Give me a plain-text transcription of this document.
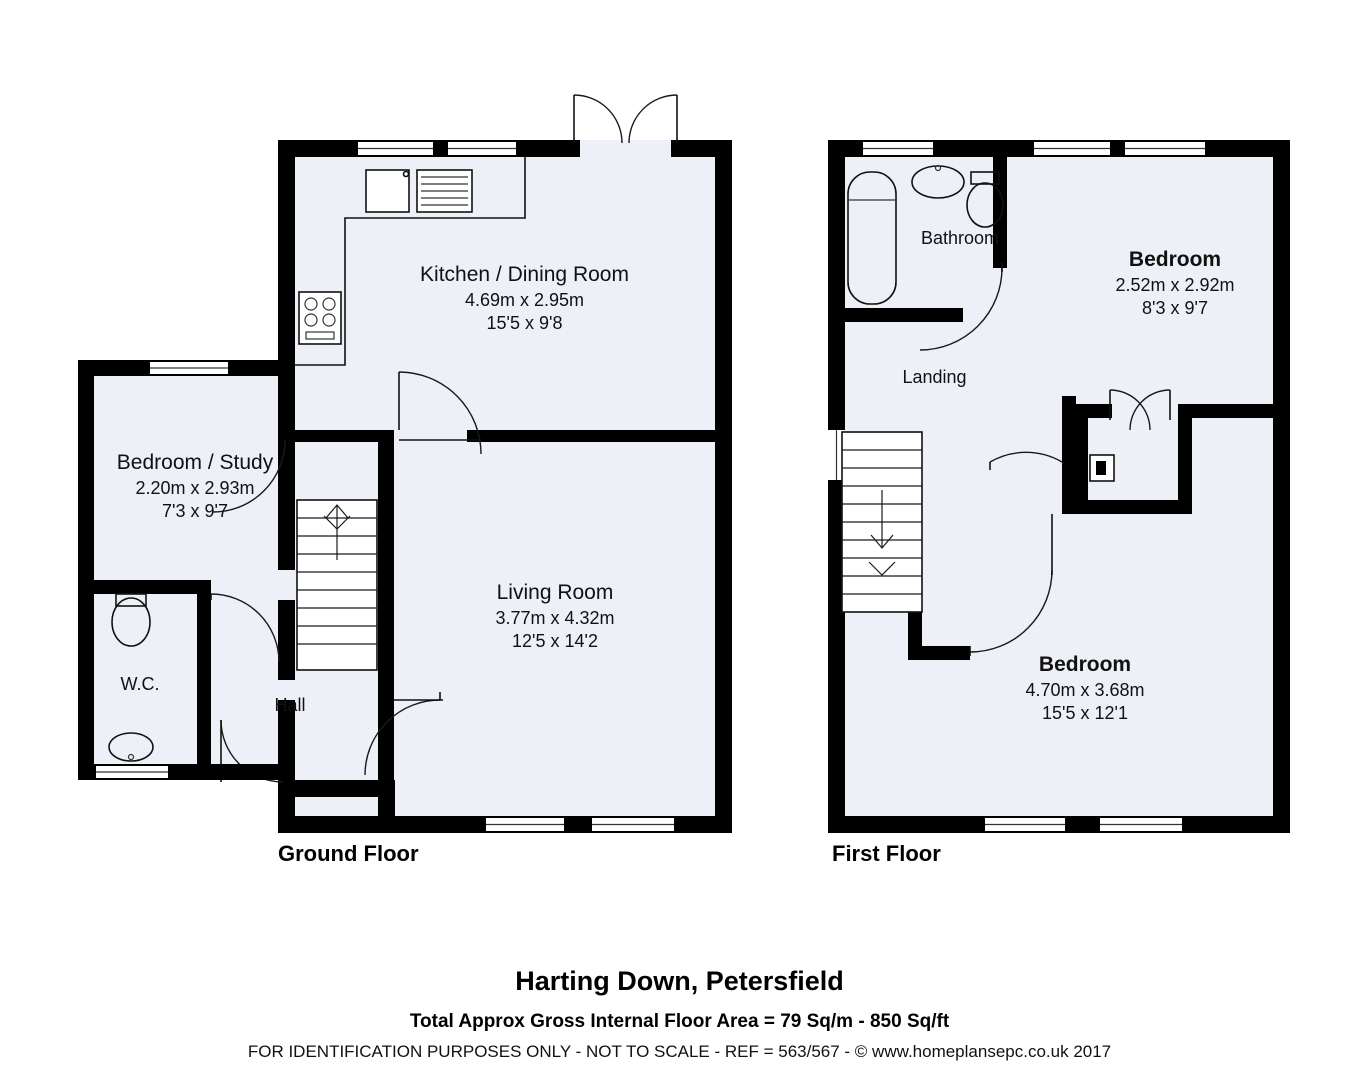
Kitchen / Dining Room
4.69m x 2.95m
15'5 x 9'8
Bedroom / Study
2.20m x 2.93m
7'3 x 9'7
Living Room
3.77m x 4.32m
12'5 x 14'2
W.C.
Hall
Ground Floor
Bathroom
Bedroom
2.52m x 2.92m
8'3 x 9'7
Landing
Bedroom
4.70m x 3.68m
15'5 x 12'1
First Floor
Harting Down, Petersfield
Total Approx Gross Internal Floor Area = 79 Sq/m - 850 Sq/ft
FOR IDENTIFICATION PURPOSES ONLY - NOT TO SCALE - REF = 563/567 - © www.homeplansepc.co.uk 2017
